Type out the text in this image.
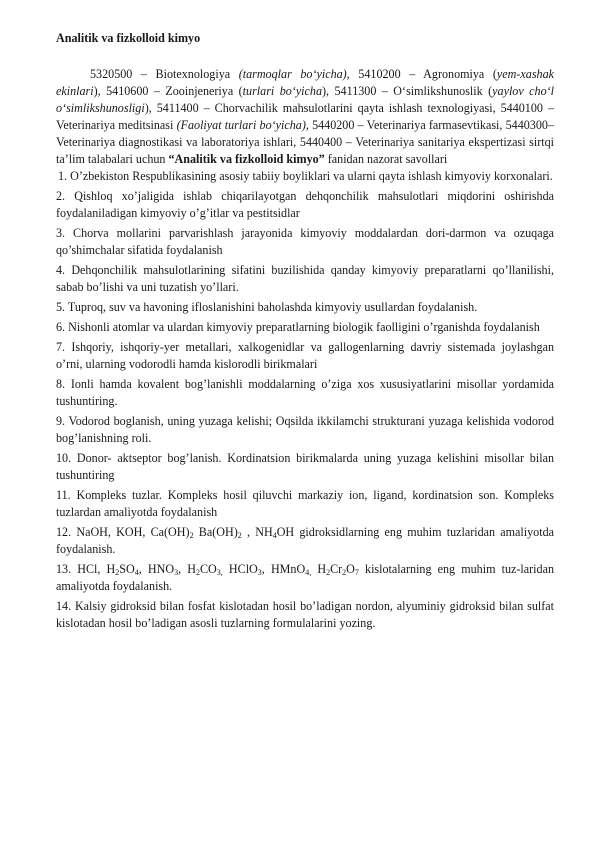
Analitik va fizkolloid kimyo

5320500 – Biotexnologiya (tarmoqlar bo‘yicha), 5410200 – Agronomiya (yem-xashak ekinlari), 5410600 – Zooinjeneriya (turlari bo‘yicha), 5411300 – O‘simlikshunoslik (yaylov cho‘l o‘simlikshunosligi), 5411400 – Chorvachilik mahsulotlarini qayta ishlash texnologiyasi, 5440100 – Veterinariya meditsinasi (Faoliyat turlari bo‘yicha), 5440200 – Veterinariya farmasevtikasi, 5440300– Veterinariya diagnostikasi va laboratoriya ishlari, 5440400 – Veterinariya sanitariya ekspertizasi sirtqi ta’lim talabalari uchun “Analitik va fizkolloid kimyo” fanidan nazorat savollari

1. O’zbekiston Respublikasining asosiy tabiiy boyliklari va ularni qayta ishlash kimyoviy korxonalari.
2. Qishloq xo’jaligida ishlab chiqarilayotgan dehqonchilik mahsulotlari miqdorini oshirishda foydalaniladigan kimyoviy o’g’itlar va pestitsidlar
3. Chorva mollarini parvarishlash jarayonida kimyoviy moddalardan dori-darmon va ozuqaga qo’shimchalar sifatida foydalanish
4. Dehqonchilik mahsulotlarining sifatini buzilishida qanday kimyoviy preparatlarni qo’llanilishi, sabab bo’lishi va uni tuzatish yo’llari.
5. Tuproq, suv va havoning ifloslanishini baholashda kimyoviy usullardan foydalanish.
6. Nishonli atomlar va ulardan kimyoviy preparatlarning biologik faolligini o’rganishda foydalanish
7. Ishqoriy, ishqoriy-yer metallari, xalkogenidlar va gallogenlarning davriy sistemada joylashgan o’rni, ularning vodorodli hamda kislorodli birikmalari
8. Ionli hamda kovalent bog’lanishli moddalarning o’ziga xos xususiyatlarini misollar yordamida tushuntiring.
9. Vodorod boglanish, uning yuzaga kelishi; Oqsilda ikkilamchi strukturani yuzaga kelishida vodorod bog’lanishning roli.
10. Donor- aktseptor bog’lanish. Kordinatsion birikmalarda uning yuzaga kelishini misollar bilan tushuntiring
11. Kompleks tuzlar. Kompleks hosil qiluvchi markaziy ion, ligand, kordinatsion son. Kompleks tuzlardan amaliyotda foydalanish
12. NaOH, KOH, $Ca(OH)_2$ $Ba(OH)_2$ , $NH_4OH$ gidroksidlarning eng muhim tuzlaridan amaliyotda foydalanish.
13. HCl, $H_2SO_4$, $HNO_3$, $H_2CO_{3,}$ HClO$_3$, HMnO$_{4,}$ $H_2Cr_2O_7$ kislotalarning eng muhim tuz-laridan amaliyotda foydalanish.
14. Kalsiy gidroksid bilan fosfat kislotadan hosil bo’ladigan nordon, alyuminiy gidroksid bilan sulfat kislotadan hosil bo’ladigan asosli tuzlarning formulalarini yozing.
